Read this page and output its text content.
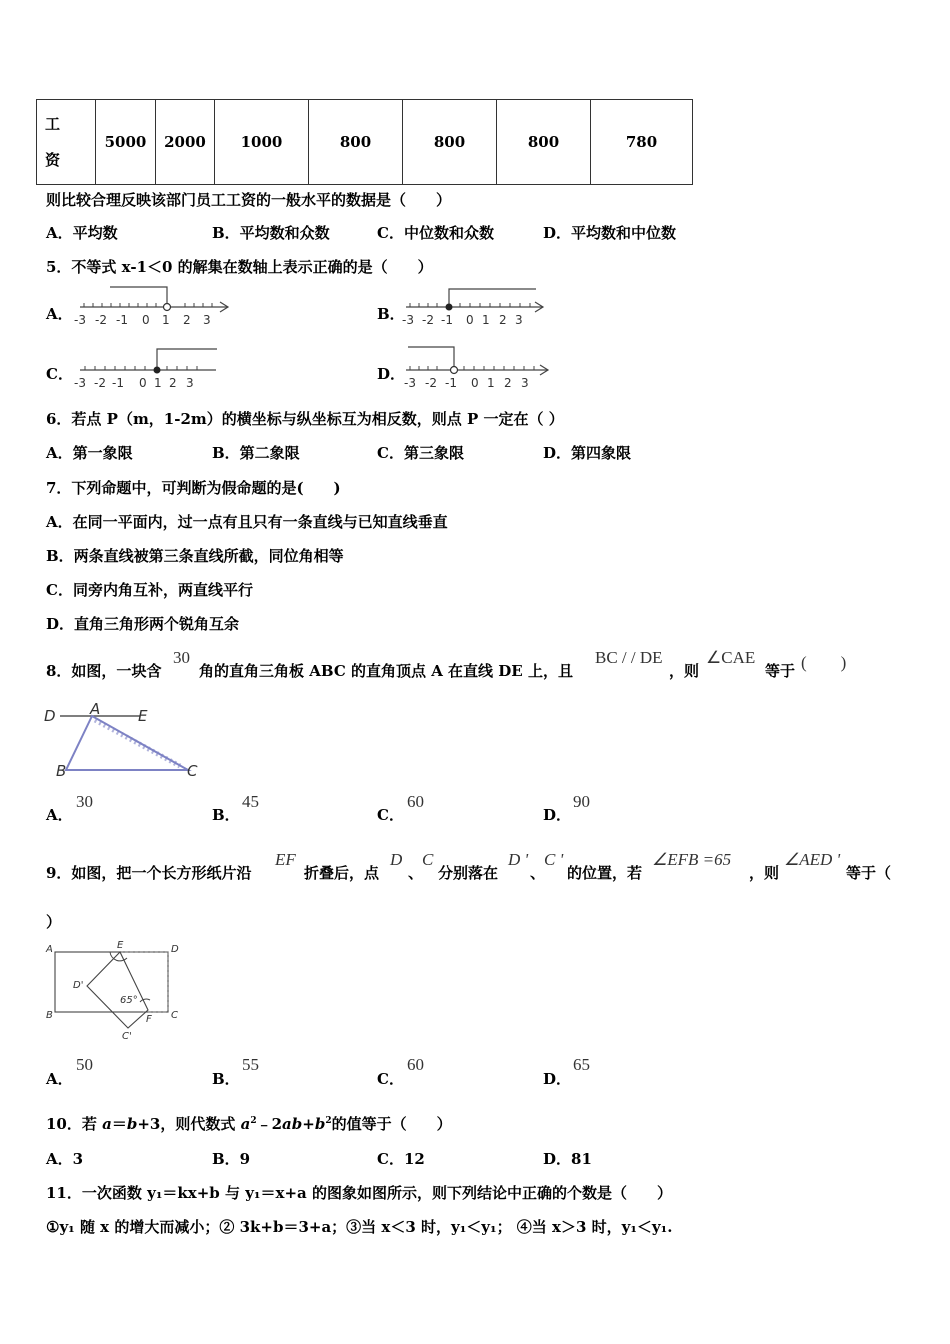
工
资	5000	2000	1000	800	800	800	780
则比较合理反映该部门员工工资的一般水平的数据是（　　）
A．平均数	B．平均数和众数	C．中位数和众数	D．平均数和中位数
5．不等式 x-1＜0 的解集在数轴上表示正确的是（　　）
A． -3 -2 -1 0 1 2 3	B．
-3 -2 -1 0 1 2 3
C． -3 -2 -1 0 1 2 3	D．
-3 -2 -1 0 1 2 3
6．若点 P（m，1-2m）的横坐标与纵坐标互为相反数，则点 P 一定在（ ）
A．第一象限	B．第二象限	C．第三象限	D．第四象限
7．下列命题中，可判断为假命题的是(　　)
A．在同一平面内，过一点有且只有一条直线与已知直线垂直
B．两条直线被第三条直线所截，同位角相等
C．同旁内角互补，两直线平行
D．直角三角形两个锐角互余
8．如图，一块含
30
角的直角三角板 ABC 的直角顶点 A 在直线 DE 上，且
BC / / DE
，则
∠CAE
等于 (　　)
D A	E
B	C
A．
30
B．
45
C．
60
D．
90
9．如图，把一个长方形纸片沿
EF
折叠后，点
D
、
C
分别落在
D '
、
C '
的位置，若
∠EFB =65
，则
∠AED '
等于（
）
A	E	D
D'
65°
B	F C
C'
A．
50
B．
55
C．
60
D．
65
10．若 a＝b+3，则代数式 $a^2﹣2ab+b^2$的值等于（　　）
A．3	B．9	C．12	D．81
11．一次函数 y₁＝kx+b 与 y₁＝x+a 的图象如图所示，则下列结论中正确的个数是（　　）
①y₁ 随 x 的增大而减小；② 3k+b＝3+a；③当 x＜3 时，y₁＜y₁； ④当 x＞3 时，y₁＜y₁.
